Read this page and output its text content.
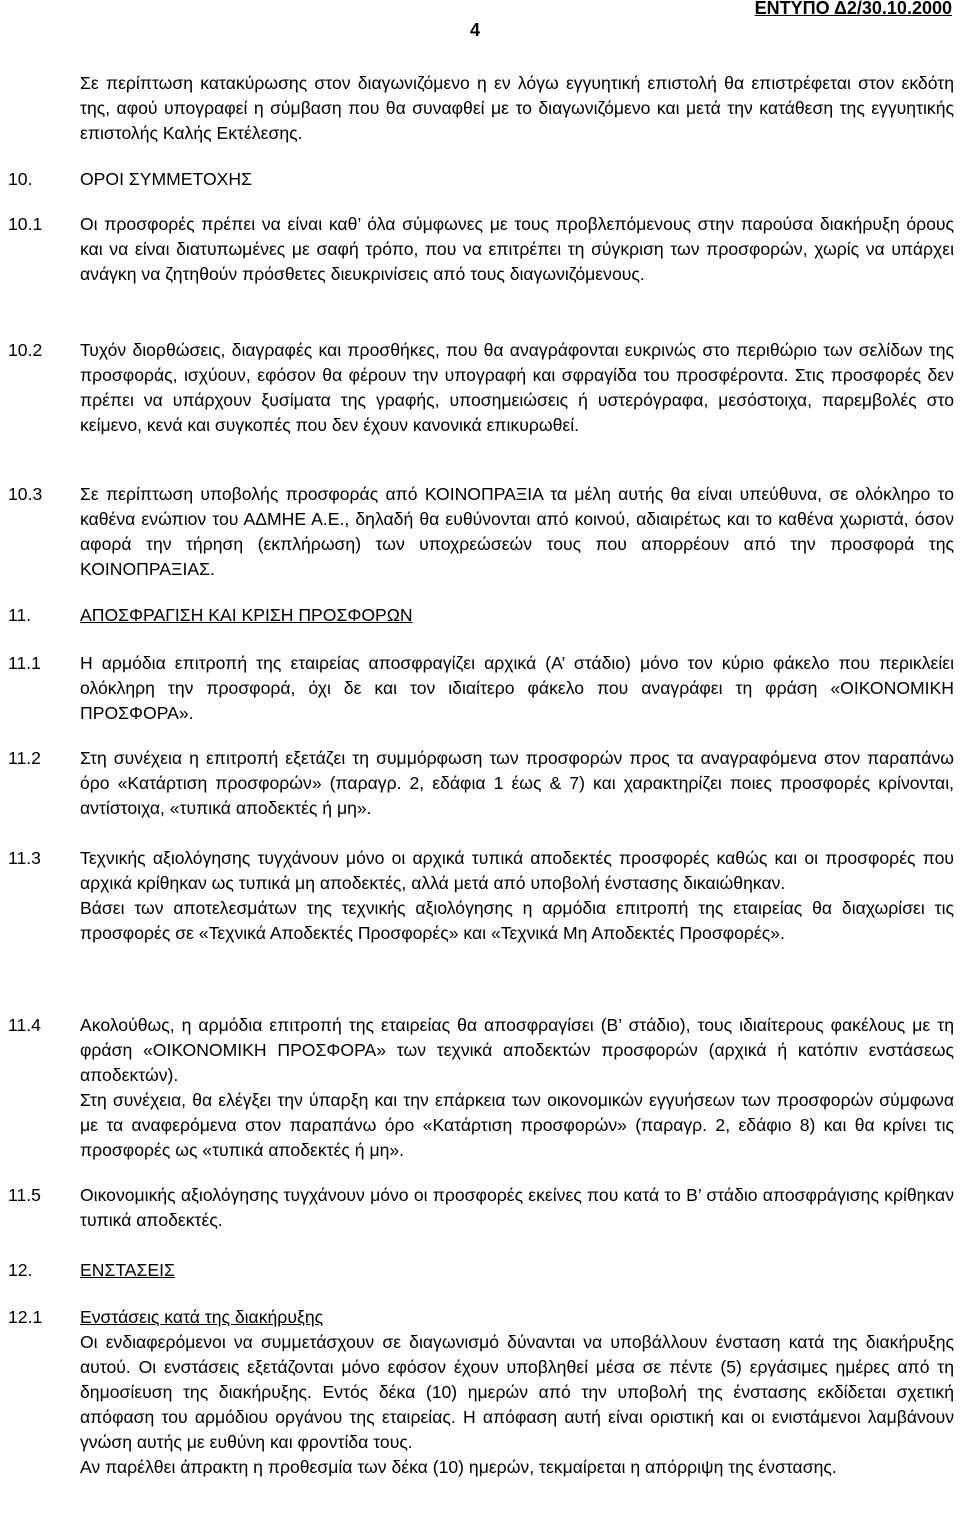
4
ΕΝΤΥΠΟ Δ2/30.10.2000
Σε περίπτωση κατακύρωσης στον διαγωνιζόμενο η εν λόγω εγγυητική επιστολή θα επιστρέφεται στον εκδότη της, αφού υπογραφεί η σύμβαση που θα συναφθεί με το διαγωνιζόμενο και μετά την κατάθεση της εγγυητικής επιστολής Καλής Εκτέλεσης.
10.	ΟΡΟΙ ΣΥΜΜΕΤΟΧΗΣ
10.1 Οι προσφορές πρέπει να είναι καθ’ όλα σύμφωνες με τους προβλεπόμενους στην παρούσα διακήρυξη όρους και να είναι διατυπωμένες με σαφή τρόπο, που να επιτρέπει τη σύγκριση των προσφορών, χωρίς να υπάρχει ανάγκη να ζητηθούν πρόσθετες διευκρινίσεις από τους διαγωνιζόμενους.
10.2 Τυχόν διορθώσεις, διαγραφές και προσθήκες, που θα αναγράφονται ευκρινώς στο περιθώριο των σελίδων της προσφοράς, ισχύουν, εφόσον θα φέρουν την υπογραφή και σφραγίδα του προσφέροντα. Στις προσφορές δεν πρέπει να υπάρχουν ξυσίματα της γραφής, υποσημειώσεις ή υστερόγραφα, μεσόστοιχα, παρεμβολές στο κείμενο, κενά και συγκοπές που δεν έχουν κανονικά επικυρωθεί.
10.3 Σε περίπτωση υποβολής προσφοράς από ΚΟΙΝΟΠΡΑΞΙΑ τα μέλη αυτής θα είναι υπεύθυνα, σε ολόκληρο το καθένα ενώπιον του ΑΔΜΗΕ Α.Ε., δηλαδή θα ευθύνονται από κοινού, αδιαιρέτως και το καθένα χωριστά, όσον αφορά την τήρηση (εκπλήρωση) των υποχρεώσεών τους που απορρέουν από την προσφορά της ΚΟΙΝΟΠΡΑΞΙΑΣ.
11.	ΑΠΟΣΦΡΑΓΙΣΗ ΚΑΙ ΚΡΙΣΗ ΠΡΟΣΦΟΡΩΝ
11.1 Η αρμόδια επιτροπή της εταιρείας αποσφραγίζει αρχικά (Α’ στάδιο) μόνο τον κύριο φάκελο που περικλείει ολόκληρη την προσφορά, όχι δε και τον ιδιαίτερο φάκελο που αναγράφει τη φράση «ΟΙΚΟΝΟΜΙΚΗ ΠΡΟΣΦΟΡΑ».
11.2 Στη συνέχεια η επιτροπή εξετάζει τη συμμόρφωση των προσφορών προς τα αναγραφόμενα στον παραπάνω όρο «Κατάρτιση προσφορών» (παραγρ. 2, εδάφια 1 έως & 7) και χαρακτηρίζει ποιες προσφορές κρίνονται, αντίστοιχα, «τυπικά αποδεκτές ή μη».
11.3 Τεχνικής αξιολόγησης τυγχάνουν μόνο οι αρχικά τυπικά αποδεκτές προσφορές καθώς και οι προσφορές που αρχικά κρίθηκαν ως τυπικά μη αποδεκτές, αλλά μετά από υποβολή ένστασης δικαιώθηκαν.
Βάσει των αποτελεσμάτων της τεχνικής αξιολόγησης η αρμόδια επιτροπή της εταιρείας θα διαχωρίσει τις προσφορές σε «Τεχνικά Αποδεκτές Προσφορές» και «Τεχνικά Μη Αποδεκτές Προσφορές».
11.4 Ακολούθως, η αρμόδια επιτροπή της εταιρείας θα αποσφραγίσει (Β’ στάδιο), τους ιδιαίτερους φακέλους με τη φράση «ΟΙΚΟΝΟΜΙΚΗ ΠΡΟΣΦΟΡΑ» των τεχνικά αποδεκτών προσφορών (αρχικά ή κατόπιν ενστάσεως αποδεκτών).
Στη συνέχεια, θα ελέγξει την ύπαρξη και την επάρκεια των οικονομικών εγγυήσεων των προσφορών σύμφωνα με τα αναφερόμενα στον παραπάνω όρο «Κατάρτιση προσφορών» (παραγρ. 2, εδάφιο 8) και θα κρίνει τις προσφορές ως «τυπικά αποδεκτές ή μη».
11.5 Οικονομικής αξιολόγησης τυγχάνουν μόνο οι προσφορές εκείνες που κατά το Β’ στάδιο αποσφράγισης κρίθηκαν τυπικά αποδεκτές.
12.	ΕΝΣΤΑΣΕΙΣ
12.1 Ενστάσεις κατά της διακήρυξης
Οι ενδιαφερόμενοι να συμμετάσχουν σε διαγωνισμό δύνανται να υποβάλλουν ένσταση κατά της διακήρυξης αυτού. Οι ενστάσεις εξετάζονται μόνο εφόσον έχουν υποβληθεί μέσα σε πέντε (5) εργάσιμες ημέρες από τη δημοσίευση της διακήρυξης. Εντός δέκα (10) ημερών από την υποβολή της ένστασης εκδίδεται σχετική απόφαση του αρμόδιου οργάνου της εταιρείας. Η απόφαση αυτή είναι οριστική και οι ενιστάμενοι λαμβάνουν γνώση αυτής με ευθύνη και φροντίδα τους.
Αν παρέλθει άπρακτη η προθεσμία των δέκα (10) ημερών, τεκμαίρεται η απόρριψη της ένστασης.
